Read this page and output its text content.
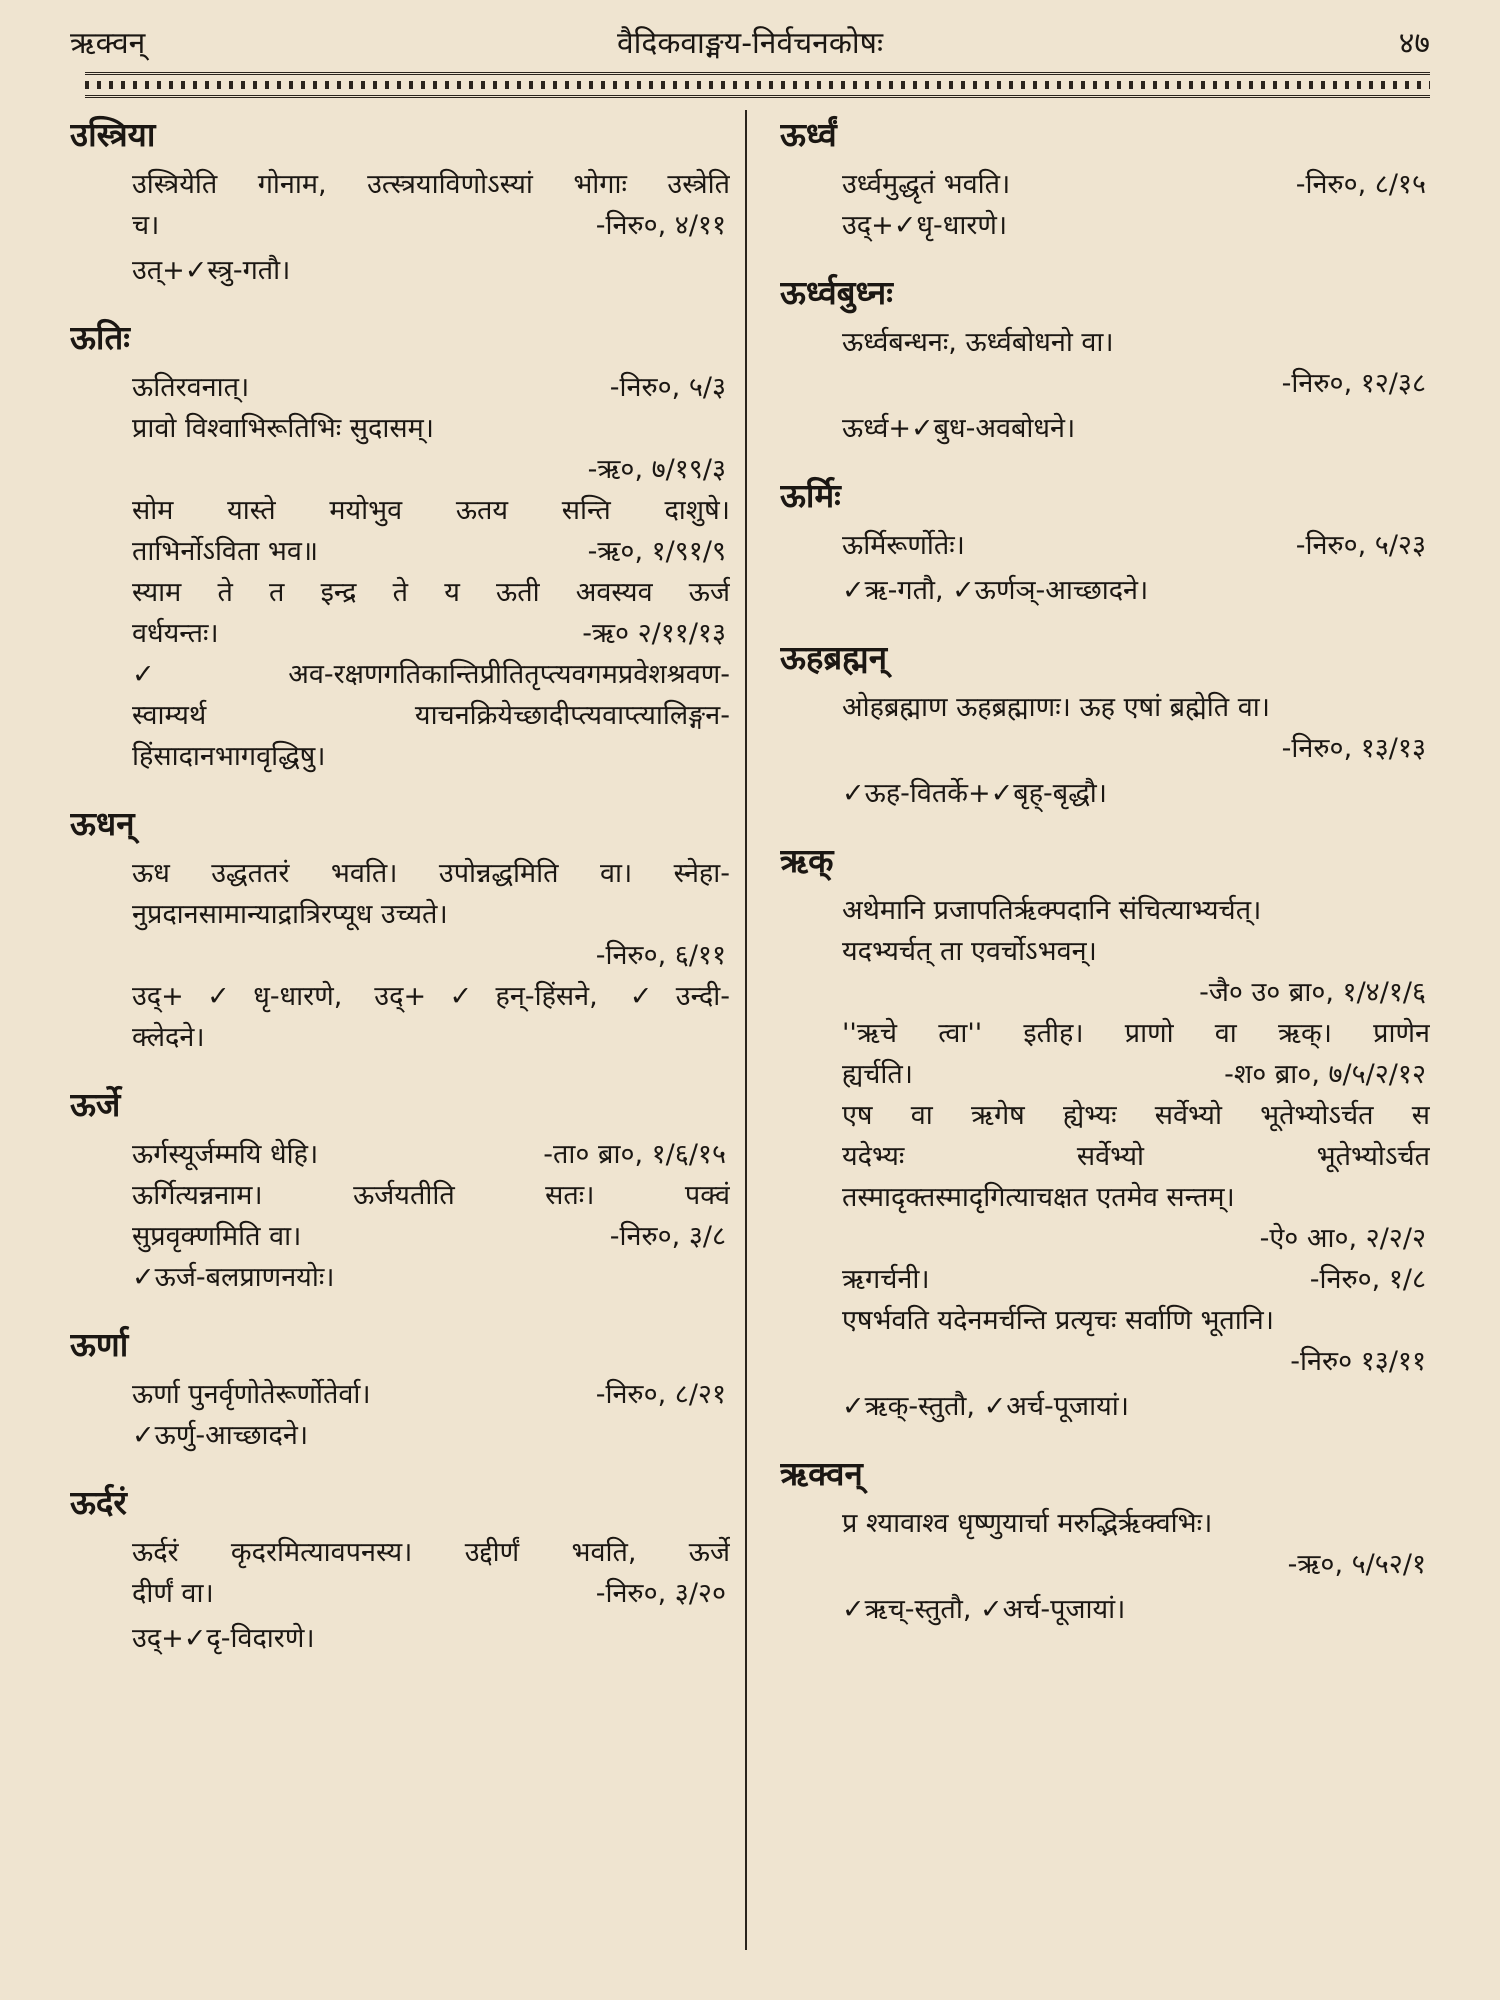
ऋक्वन्	वैदिकवाङ्मय-निर्वचनकोषः	४७
उस्त्रिया
उस्त्रियेति गोनाम, उत्स्त्रयाविणोऽस्यां भोगाः उस्त्रेति
च।	-निरु०, ४/११
उत्+✓स्त्रु-गतौ।
ऊतिः
ऊतिरवनात्।	-निरु०, ५/३
प्रावो विश्वाभिरूतिभिः सुदासम्।
-ऋ०, ७/१९/३
सोम यास्ते मयोभुव ऊतय सन्ति दाशुषे।
ताभिर्नोऽविता भव॥	-ऋ०, १/९१/९
स्याम ते त इन्द्र ते य ऊती अवस्यव ऊर्ज
वर्धयन्तः।	-ऋ० २/११/१३
✓अव-रक्षणगतिकान्तिप्रीतितृप्त्यवगमप्रवेशश्रवण-
स्वाम्यर्थ याचनक्रियेच्छादीप्त्यवाप्त्यालिङ्गन-
हिंसादानभागवृद्धिषु।
ऊधन्
ऊध उद्धततरं भवति। उपोन्नद्धमिति वा। स्नेहा-
नुप्रदानसामान्याद्रात्रिरप्यूध उच्यते।
-निरु०, ६/११
उद्+✓धृ-धारणे, उद्+✓हन्-हिंसने, ✓उन्दी-
क्लेदने।
ऊर्जे
ऊर्गस्यूर्जम्मयि धेहि।	-ता० ब्रा०, १/६/१५
ऊर्गित्यन्ननाम। ऊर्जयतीति सतः। पक्वं
सुप्रवृक्णमिति वा।	-निरु०, ३/८
✓ऊर्ज-बलप्राणनयोः।
ऊर्णा
ऊर्णा पुनर्वृणोतेरूर्णोतेर्वा।	-निरु०, ८/२१
✓ऊर्णु-आच्छादने।
ऊर्दरं
ऊर्दरं कृदरमित्यावपनस्य। उद्दीर्णं भवति, ऊर्जे
दीर्णं वा।	-निरु०, ३/२०
उद्+✓दृ-विदारणे।
ऊर्ध्वं
उर्ध्वमुद्धृतं भवति।	-निरु०, ८/१५
उद्+✓धृ-धारणे।
ऊर्ध्वबुध्नः
ऊर्ध्वबन्धनः, ऊर्ध्वबोधनो वा।
-निरु०, १२/३८
ऊर्ध्व+✓बुध-अवबोधने।
ऊर्मिः
ऊर्मिरूर्णोतेः।	-निरु०, ५/२३
✓ऋ-गतौ, ✓ऊर्णञ्-आच्छादने।
ऊहब्रह्मन्
ओहब्रह्माण ऊहब्रह्माणः। ऊह एषां ब्रह्मेति वा।
-निरु०, १३/१३
✓ऊह-वितर्के+✓बृह्-बृद्धौ।
ऋक्
अथेमानि प्रजापतिर्ऋक्पदानि संचित्याभ्यर्चत्।
यदभ्यर्चत् ता एवर्चोऽभवन्।
-जै० उ० ब्रा०, १/४/१/६
''ऋचे त्वा'' इतीह। प्राणो वा ऋक्। प्राणेन
ह्यर्चति।	-श० ब्रा०, ७/५/२/१२
एष वा ऋगेष ह्येभ्यः सर्वेभ्यो भूतेभ्योऽर्चत स
यदेभ्यः सर्वेभ्यो भूतेभ्योऽर्चत
तस्मादृक्तस्मादृगित्याचक्षत एतमेव सन्तम्।
-ऐ० आ०, २/२/२
ऋगर्चनी।	-निरु०, १/८
एषर्भवति यदेनमर्चन्ति प्रत्यृचः सर्वाणि भूतानि।
-निरु० १३/११
✓ऋक्-स्तुतौ, ✓अर्च-पूजायां।
ऋक्वन्
प्र श्यावाश्व धृष्णुयार्चा मरुद्भिर्ऋक्वभिः।
-ऋ०, ५/५२/१
✓ऋच्-स्तुतौ, ✓अर्च-पूजायां।
